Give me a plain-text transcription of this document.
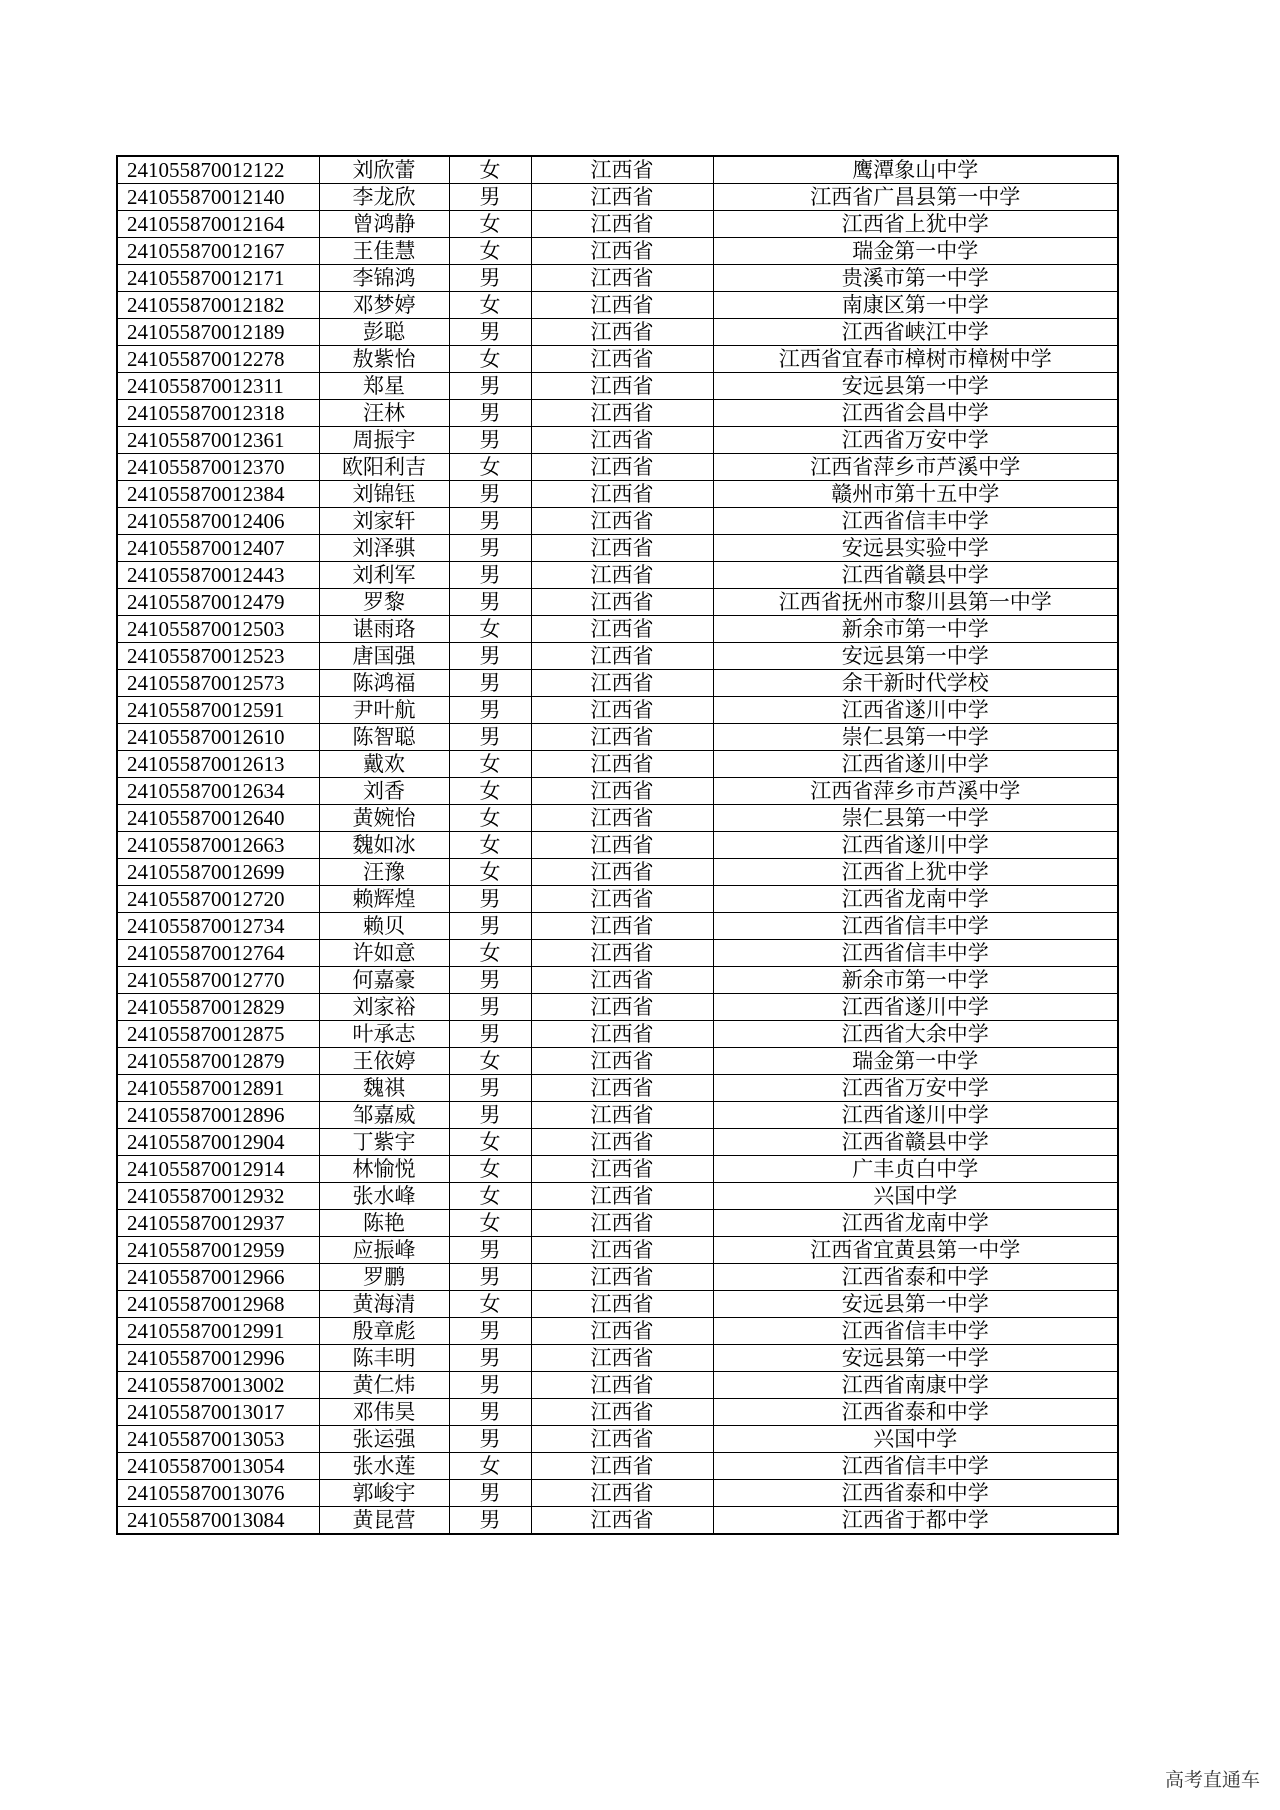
241055870012122	刘欣蕾	女	江西省	鹰潭象山中学
241055870012140	李龙欣	男	江西省	江西省广昌县第一中学
241055870012164	曾鸿静	女	江西省	江西省上犹中学
241055870012167	王佳慧	女	江西省	瑞金第一中学
241055870012171	李锦鸿	男	江西省	贵溪市第一中学
241055870012182	邓梦婷	女	江西省	南康区第一中学
241055870012189	彭聪	男	江西省	江西省峡江中学
241055870012278	敖紫怡	女	江西省	江西省宜春市樟树市樟树中学
241055870012311	郑星	男	江西省	安远县第一中学
241055870012318	汪林	男	江西省	江西省会昌中学
241055870012361	周振宇	男	江西省	江西省万安中学
241055870012370	欧阳利吉	女	江西省	江西省萍乡市芦溪中学
241055870012384	刘锦钰	男	江西省	赣州市第十五中学
241055870012406	刘家轩	男	江西省	江西省信丰中学
241055870012407	刘泽骐	男	江西省	安远县实验中学
241055870012443	刘利军	男	江西省	江西省赣县中学
241055870012479	罗黎	男	江西省	江西省抚州市黎川县第一中学
241055870012503	谌雨珞	女	江西省	新余市第一中学
241055870012523	唐国强	男	江西省	安远县第一中学
241055870012573	陈鸿福	男	江西省	余干新时代学校
241055870012591	尹叶航	男	江西省	江西省遂川中学
241055870012610	陈智聪	男	江西省	崇仁县第一中学
241055870012613	戴欢	女	江西省	江西省遂川中学
241055870012634	刘香	女	江西省	江西省萍乡市芦溪中学
241055870012640	黄婉怡	女	江西省	崇仁县第一中学
241055870012663	魏如冰	女	江西省	江西省遂川中学
241055870012699	汪豫	女	江西省	江西省上犹中学
241055870012720	赖辉煌	男	江西省	江西省龙南中学
241055870012734	赖贝	男	江西省	江西省信丰中学
241055870012764	许如意	女	江西省	江西省信丰中学
241055870012770	何嘉豪	男	江西省	新余市第一中学
241055870012829	刘家裕	男	江西省	江西省遂川中学
241055870012875	叶承志	男	江西省	江西省大余中学
241055870012879	王依婷	女	江西省	瑞金第一中学
241055870012891	魏祺	男	江西省	江西省万安中学
241055870012896	邹嘉威	男	江西省	江西省遂川中学
241055870012904	丁紫宇	女	江西省	江西省赣县中学
241055870012914	林愉悦	女	江西省	广丰贞白中学
241055870012932	张水峰	女	江西省	兴国中学
241055870012937	陈艳	女	江西省	江西省龙南中学
241055870012959	应振峰	男	江西省	江西省宜黄县第一中学
241055870012966	罗鹏	男	江西省	江西省泰和中学
241055870012968	黄海清	女	江西省	安远县第一中学
241055870012991	殷章彪	男	江西省	江西省信丰中学
241055870012996	陈丰明	男	江西省	安远县第一中学
241055870013002	黄仁炜	男	江西省	江西省南康中学
241055870013017	邓伟昊	男	江西省	江西省泰和中学
241055870013053	张运强	男	江西省	兴国中学
241055870013054	张水莲	女	江西省	江西省信丰中学
241055870013076	郭峻宇	男	江西省	江西省泰和中学
241055870013084	黄昆营	男	江西省	江西省于都中学
高考直通车
